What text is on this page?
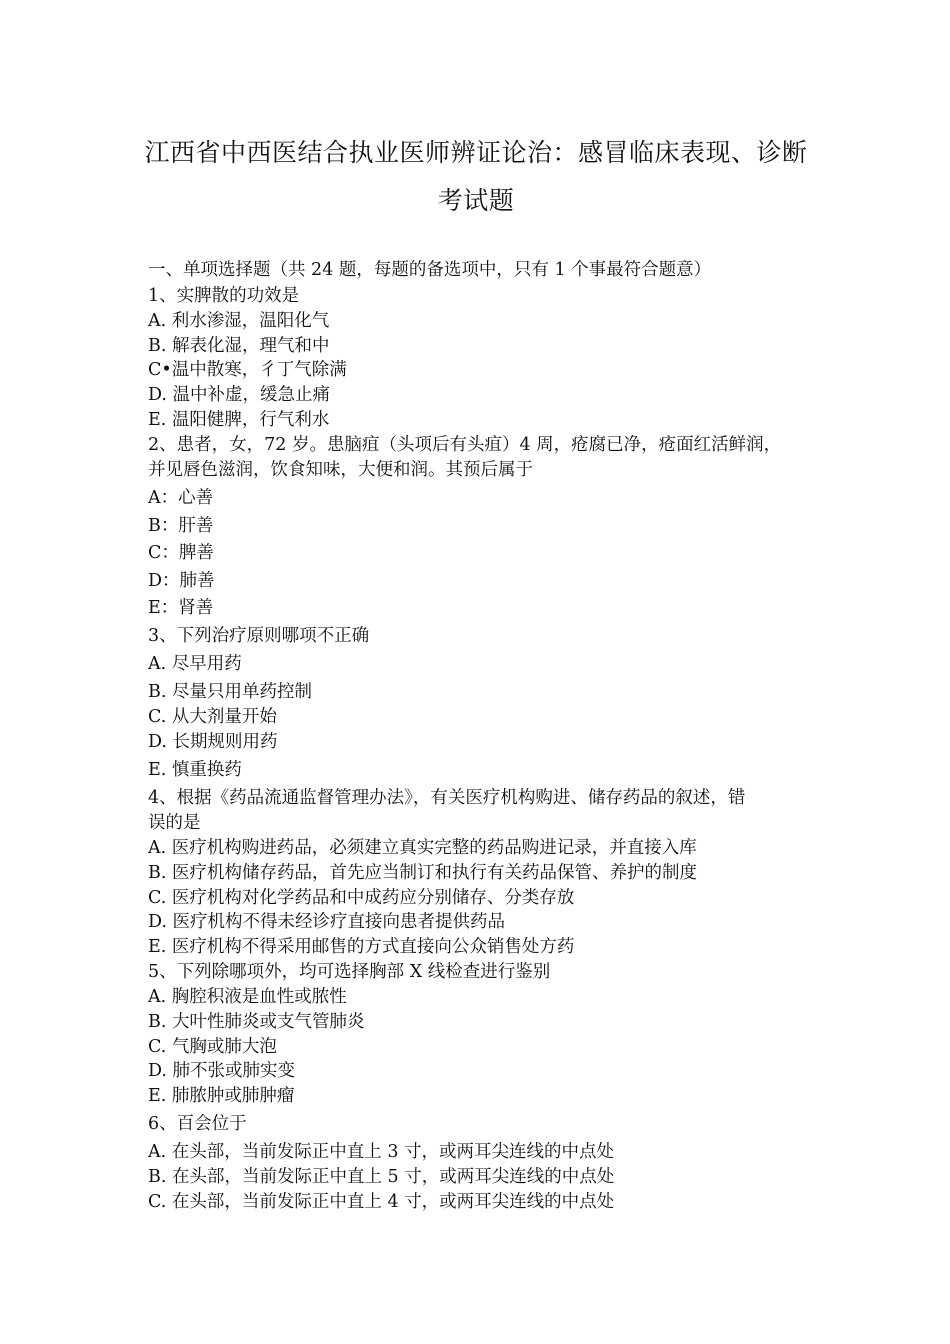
江西省中西医结合执业医师辨证论治：感冒临床表现、诊断
考试题
一、单项选择题（共 24 题，每题的备选项中，只有 1 个事最符合题意）
1、实脾散的功效是
A. 利水渗湿，温阳化气
B. 解表化湿，理气和中
C•温中散寒，彳丁气除满
D. 温中补虚，缓急止痛
E. 温阳健脾，行气利水
2、患者，女，72 岁。患脑疽（头项后有头疽）4 周，疮腐已净，疮面红活鲜润，
并见唇色滋润，饮食知味，大便和润。其预后属于
A：心善
B：肝善
C：脾善
D：肺善
E：肾善
3、下列治疗原则哪项不正确
A. 尽早用药
B. 尽量只用单药控制
C. 从大剂量开始
D. 长期规则用药
E. 慎重换药
4、根据《药品流通监督管理办法》，有关医疗机构购进、储存药品的叙述，错
误的是
A. 医疗机构购进药品，必须建立真实完整的药品购进记录，并直接入库
B. 医疗机构储存药品，首先应当制订和执行有关药品保管、养护的制度
C. 医疗机构对化学药品和中成药应分别储存、分类存放
D. 医疗机构不得未经诊疗直接向患者提供药品
E. 医疗机构不得采用邮售的方式直接向公众销售处方药
5、下列除哪项外，均可选择胸部 X 线检查进行鉴别
A. 胸腔积液是血性或脓性
B. 大叶性肺炎或支气管肺炎
C. 气胸或肺大泡
D. 肺不张或肺实变
E. 肺脓肿或肺肿瘤
6、百会位于
A. 在头部，当前发际正中直上 3 寸，或两耳尖连线的中点处
B. 在头部，当前发际正中直上 5 寸，或两耳尖连线的中点处
C. 在头部，当前发际正中直上 4 寸，或两耳尖连线的中点处
